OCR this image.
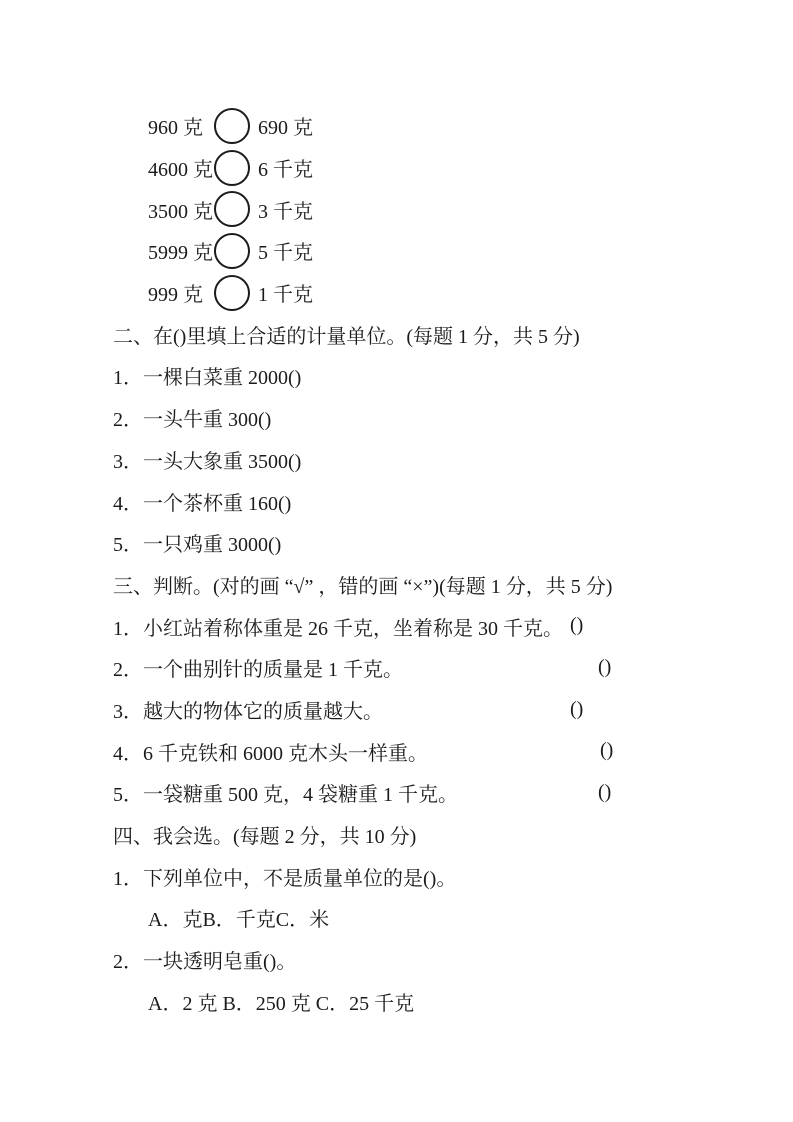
960 克	690 克
4600 克 6 千克
3500 克 3 千克
5999 克 5 千克
999 克	1 千克
二、在()里填上合适的计量单位。(每题 1 分，共 5 分)
1．一棵白菜重 2000()
2．一头牛重 300()
3．一头大象重 3500()
4．一个茶杯重 160()
5．一只鸡重 3000()
三、判断。(对的画 “√” ，错的画 “×”)(每题 1 分，共 5 分)
1．小红站着称体重是 26 千克，坐着称是 30 千克。 ()
2．一个曲别针的质量是 1 千克。	()
3．越大的物体它的质量越大。	()
4．6 千克铁和 6000 克木头一样重。	()
5．一袋糖重 500 克，4 袋糖重 1 千克。	()
四、我会选。(每题 2 分，共 10 分)
1．下列单位中，不是质量单位的是()。
A．克B．千克C．米
2．一块透明皂重()。
A．2 克 B．250 克 C．25 千克
